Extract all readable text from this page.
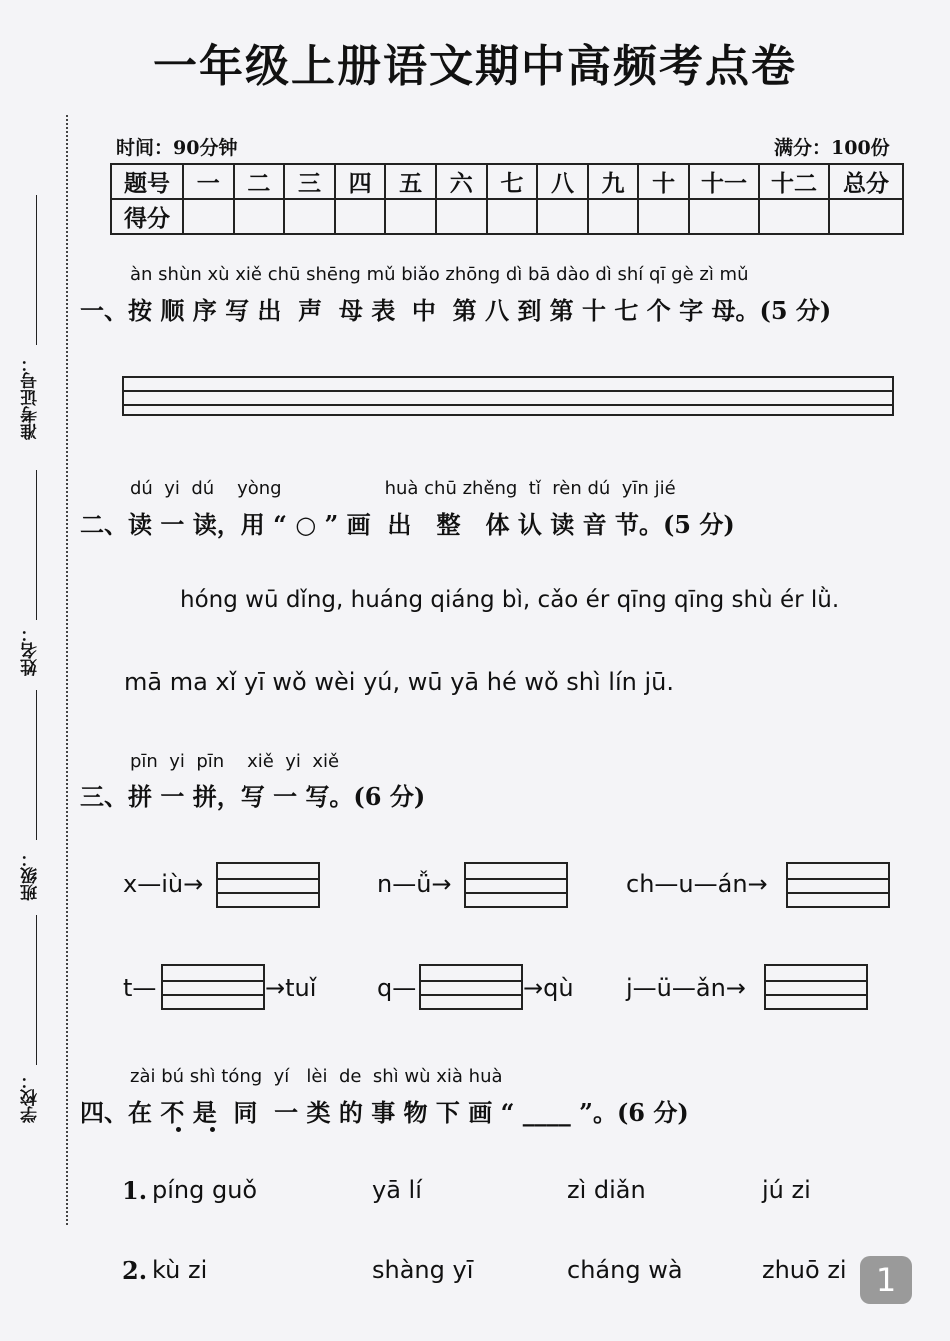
一年级上册语文期中高频考点卷
准考证号：
姓名：
班级：
学校：
时间：90分钟	满分：100份
题号	一	二	三	四	五	六	七	八	九	十	十一	十二	总分
得分													
àn shùn xù xiě chū shēng mǔ biǎo zhōng dì bā dào dì shí qī gè zì mǔ
一、按 顺 序 写 出  声  母 表  中  第 八 到 第 十 七 个 字 母。(5 分)
dú  yi  dú    yòng                  huà chū zhěng  tǐ  rèn dú  yīn jié
二、读 一 读，用 “ ○ ” 画  出   整   体 认 读 音 节。(5 分)
hóng wū dǐng, huáng qiáng bì, cǎo ér qīng qīng shù ér lǜ.
mā ma xǐ yī wǒ wèi yú, wū yā hé wǒ shì lín jū.
pīn  yi  pīn    xiě  yi  xiě
三、拼 一 拼，写 一 写。(6 分)
x—iù→	n—ǚ→	ch—u—án→
t—	→tuǐ	q—	→qù j—ü—ǎn→
zài bú shì tóng  yí   lèi  de  shì wù xià huà
四、在 不 是  同  一 类 的 事 物 下 画 “ ____ ”。(6 分)
1. píng guǒ	yā lí	zì diǎn	jú zi
2. kù zi	shàng yī	cháng wà	zhuō zi 1
